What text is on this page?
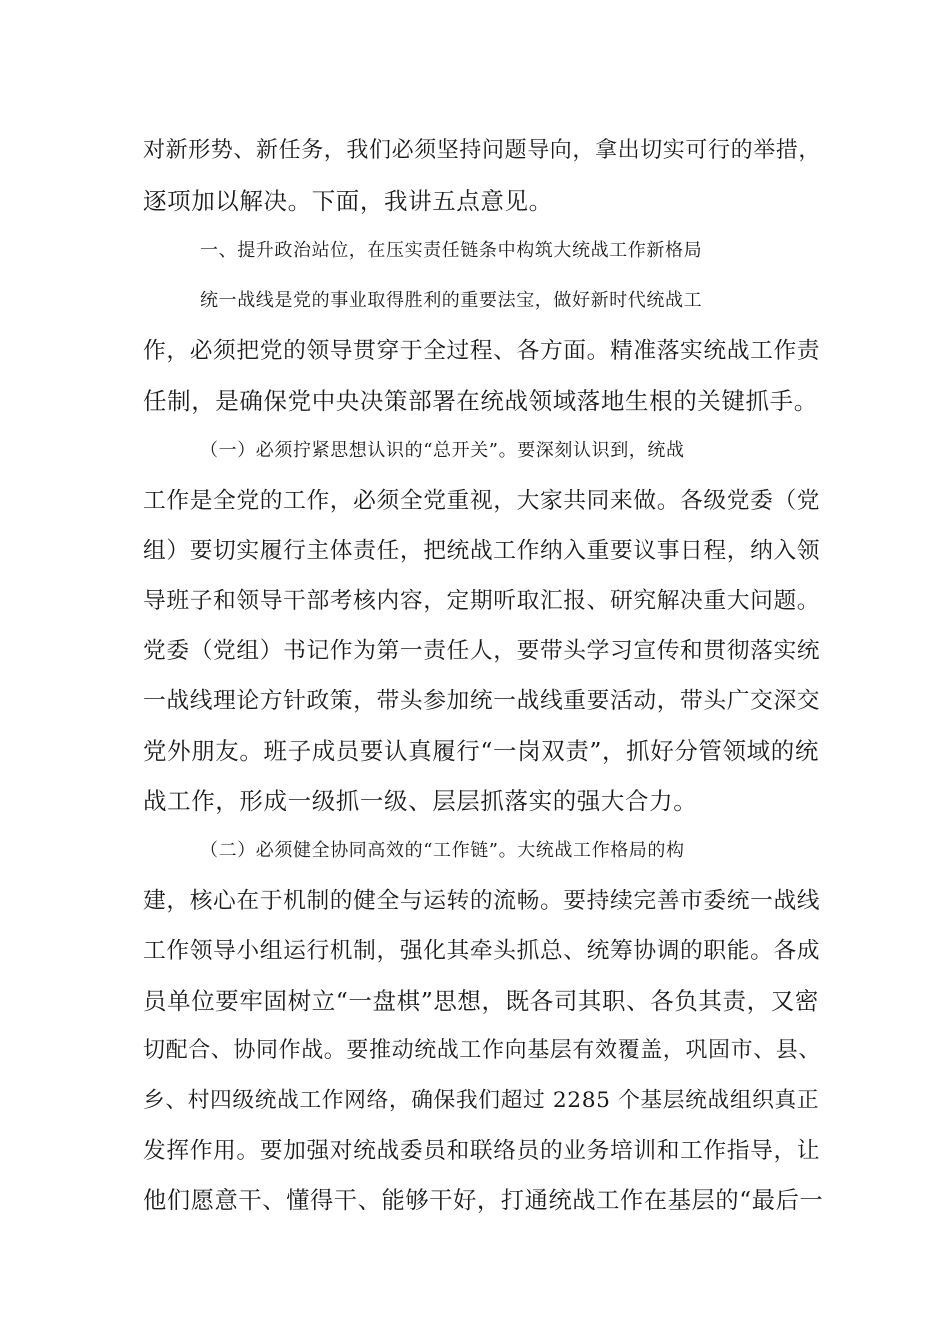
对新形势、新任务，我们必须坚持问题导向，拿出切实可行的举措，
逐项加以解决。下面，我讲五点意见。
一、提升政治站位，在压实责任链条中构筑大统战工作新格局
统一战线是党的事业取得胜利的重要法宝，做好新时代统战工
作，必须把党的领导贯穿于全过程、各方面。精准落实统战工作责
任制，是确保党中央决策部署在统战领域落地生根的关键抓手。
（一）必须拧紧思想认识的“总开关”。要深刻认识到，统战
工作是全党的工作，必须全党重视，大家共同来做。各级党委（党
组）要切实履行主体责任，把统战工作纳入重要议事日程，纳入领
导班子和领导干部考核内容，定期听取汇报、研究解决重大问题。
党委（党组）书记作为第一责任人，要带头学习宣传和贯彻落实统
一战线理论方针政策，带头参加统一战线重要活动，带头广交深交
党外朋友。班子成员要认真履行“一岗双责”，抓好分管领域的统
战工作，形成一级抓一级、层层抓落实的强大合力。
（二）必须健全协同高效的“工作链”。大统战工作格局的构
建，核心在于机制的健全与运转的流畅。要持续完善市委统一战线
工作领导小组运行机制，强化其牵头抓总、统筹协调的职能。各成
员单位要牢固树立“一盘棋”思想，既各司其职、各负其责，又密
切配合、协同作战。要推动统战工作向基层有效覆盖，巩固市、县、
乡、村四级统战工作网络，确保我们超过 2285 个基层统战组织真正
发挥作用。要加强对统战委员和联络员的业务培训和工作指导，让
他们愿意干、懂得干、能够干好，打通统战工作在基层的“最后一
